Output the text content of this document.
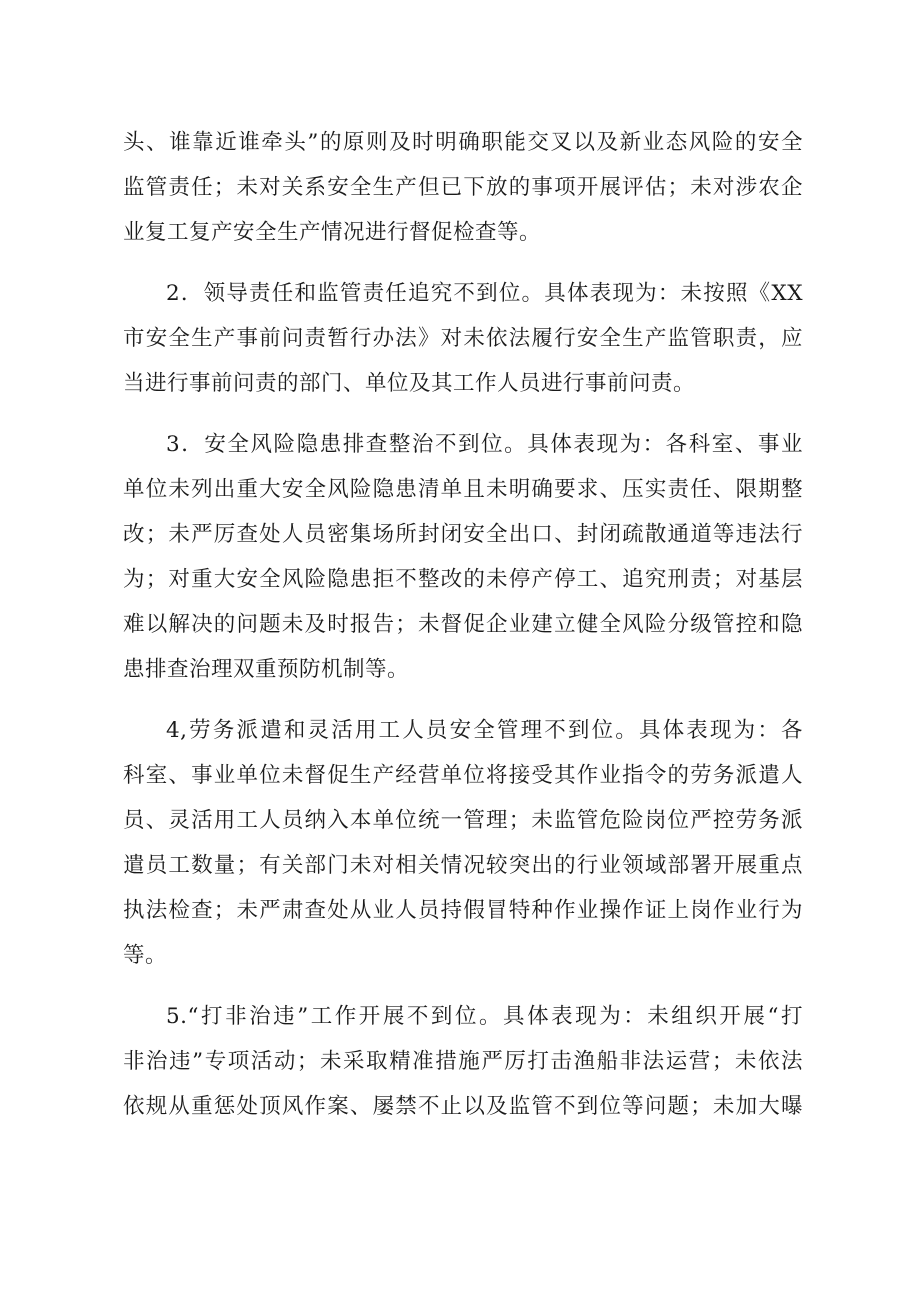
头、谁靠近谁牵头”的原则及时明确职能交叉以及新业态风险的安全
监管责任；未对关系安全生产但已下放的事项开展评估；未对涉农企
业复工复产安全生产情况进行督促检查等。
2．领导责任和监管责任追究不到位。具体表现为：未按照《XX
市安全生产事前问责暂行办法》对未依法履行安全生产监管职责，应
当进行事前问责的部门、单位及其工作人员进行事前问责。
3．安全风险隐患排查整治不到位。具体表现为：各科室、事业
单位未列出重大安全风险隐患清单且未明确要求、压实责任、限期整
改；未严厉查处人员密集场所封闭安全出口、封闭疏散通道等违法行
为；对重大安全风险隐患拒不整改的未停产停工、追究刑责；对基层
难以解决的问题未及时报告；未督促企业建立健全风险分级管控和隐
患排查治理双重预防机制等。
4,劳务派遣和灵活用工人员安全管理不到位。具体表现为：各
科室、事业单位未督促生产经营单位将接受其作业指令的劳务派遣人
员、灵活用工人员纳入本单位统一管理；未监管危险岗位严控劳务派
遣员工数量；有关部门未对相关情况较突出的行业领域部署开展重点
执法检查；未严肃查处从业人员持假冒特种作业操作证上岗作业行为
等。
5.“打非治违”工作开展不到位。具体表现为：未组织开展“打
非治违”专项活动；未采取精准措施严厉打击渔船非法运营；未依法
依规从重惩处顶风作案、屡禁不止以及监管不到位等问题；未加大曝
